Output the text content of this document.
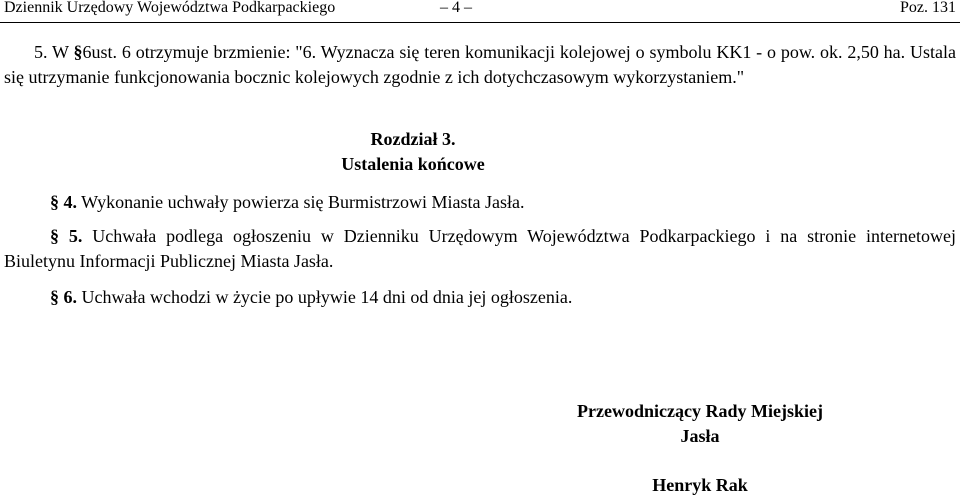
Dziennik Urzędowy Województwa Podkarpackiego	– 4 –	Poz. 131
5. W §6ust. 6 otrzymuje brzmienie: "6. Wyznacza się teren komunikacji kolejowej o symbolu KK1 - o pow. ok. 2,50 ha. Ustala się utrzymanie funkcjonowania bocznic kolejowych zgodnie z ich dotychczasowym wykorzystaniem."
Rozdział 3.
Ustalenia końcowe
§ 4. Wykonanie uchwały powierza się Burmistrzowi Miasta Jasła.
§ 5. Uchwała podlega ogłoszeniu w Dzienniku Urzędowym Województwa Podkarpackiego i na stronie internetowej Biuletynu Informacji Publicznej Miasta Jasła.
§ 6. Uchwała wchodzi w życie po upływie 14 dni od dnia jej ogłoszenia.
Przewodniczący Rady Miejskiej
Jasła
Henryk Rak
